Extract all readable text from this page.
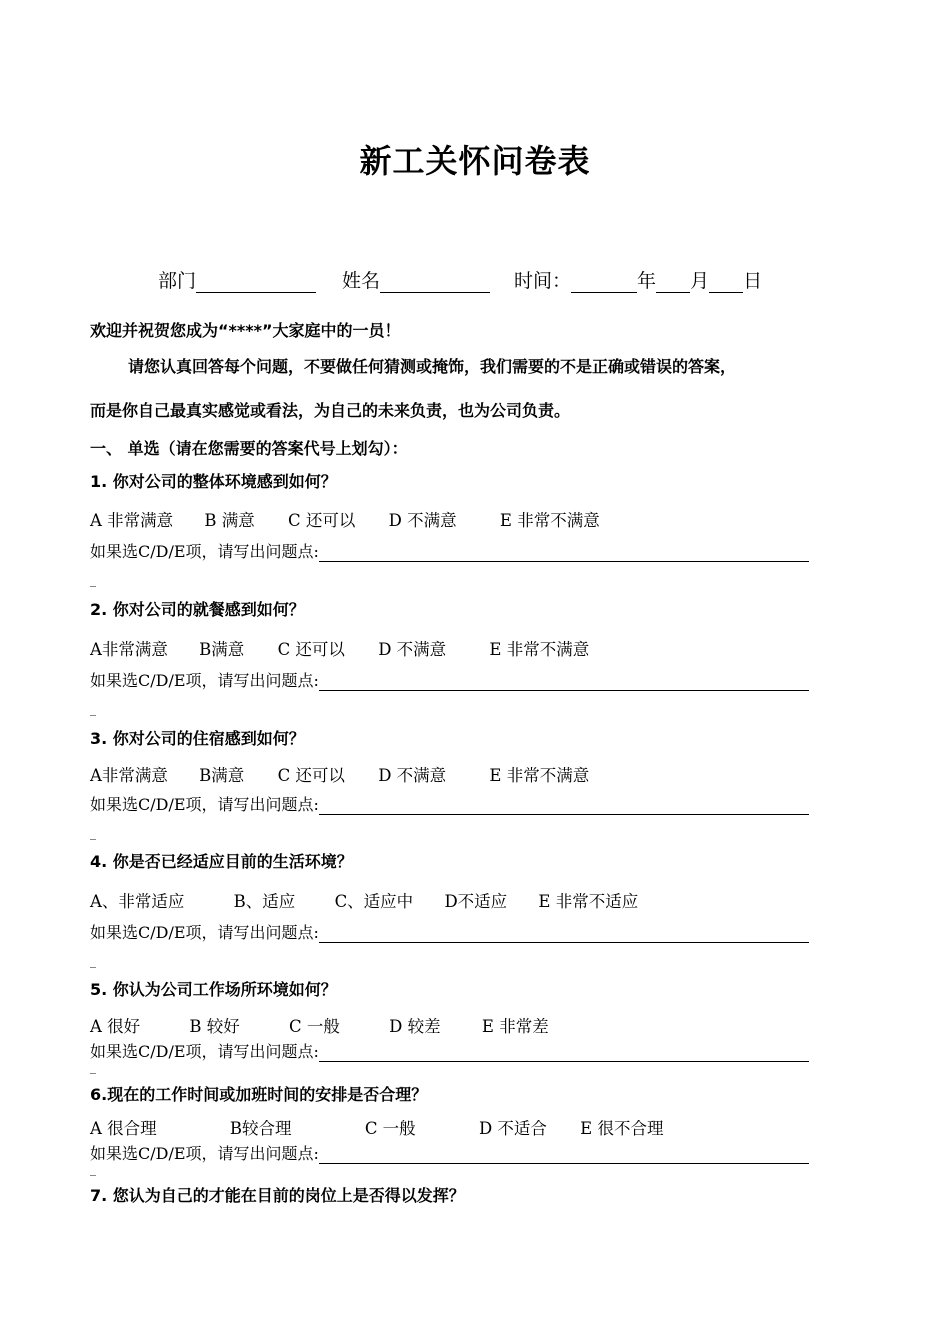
新工关怀问卷表
部门	姓名	时间：	年 月 日
欢迎并祝贺您成为“****”大家庭中的一员！
请您认真回答每个问题，不要做任何猜测或掩饰，我们需要的不是正确或错误的答案，
而是你自己最真实感觉或看法，为自己的未来负责，也为公司负责。
一、 单选（请在您需要的答案代号上划勾）：
1. 你对公司的整体环境感到如何？
A 非常满意 B 满意 C 还可以 D 不满意	E 非常不满意
如果选C/D/E项，请写出问题点:
_
2. 你对公司的就餐感到如何？
A非常满意 B满意 C 还可以 D 不满意	E 非常不满意
如果选C/D/E项，请写出问题点:
_
3. 你对公司的住宿感到如何？
A非常满意 B满意 C 还可以 D 不满意	E 非常不满意
如果选C/D/E项，请写出问题点:
_
4. 你是否已经适应目前的生活环境？
A、非常适应	B、适应 C、适应中 D不适应 E 非常不适应
如果选C/D/E项，请写出问题点:
_
5. 你认为公司工作场所环境如何？
A 很好	B 较好	C 一般	D 较差	E 非常差
如果选C/D/E项，请写出问题点:
_
6.现在的工作时间或加班时间的安排是否合理？
A 很合理	B较合理	C 一般	D 不适合 E 很不合理
如果选C/D/E项，请写出问题点:
_
7. 您认为自己的才能在目前的岗位上是否得以发挥？
